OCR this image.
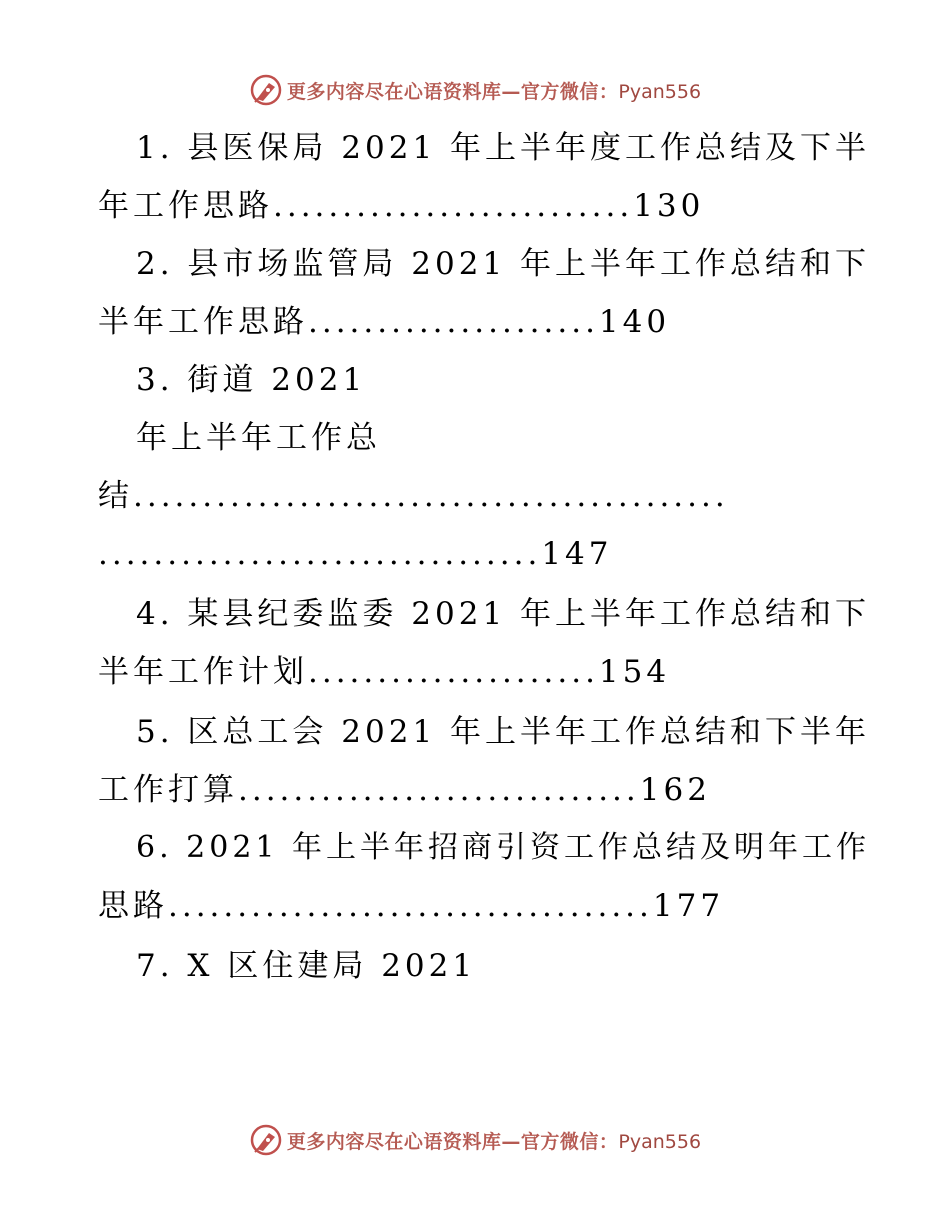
更多内容尽在心语资料库—官方微信：Pyan556
1. 县医保局 2021 年上半年度工作总结及下半
年工作思路..........................130
2. 县市场监管局 2021 年上半年工作总结和下
半年工作思路.....................140
3. 街道 2021
年上半年工作总
结...........................................
................................147
4. 某县纪委监委 2021 年上半年工作总结和下
半年工作计划.....................154
5. 区总工会 2021 年上半年工作总结和下半年
工作打算.............................162
6. 2021 年上半年招商引资工作总结及明年工作
思路...................................177
7. X 区住建局 2021
更多内容尽在心语资料库—官方微信：Pyan556
